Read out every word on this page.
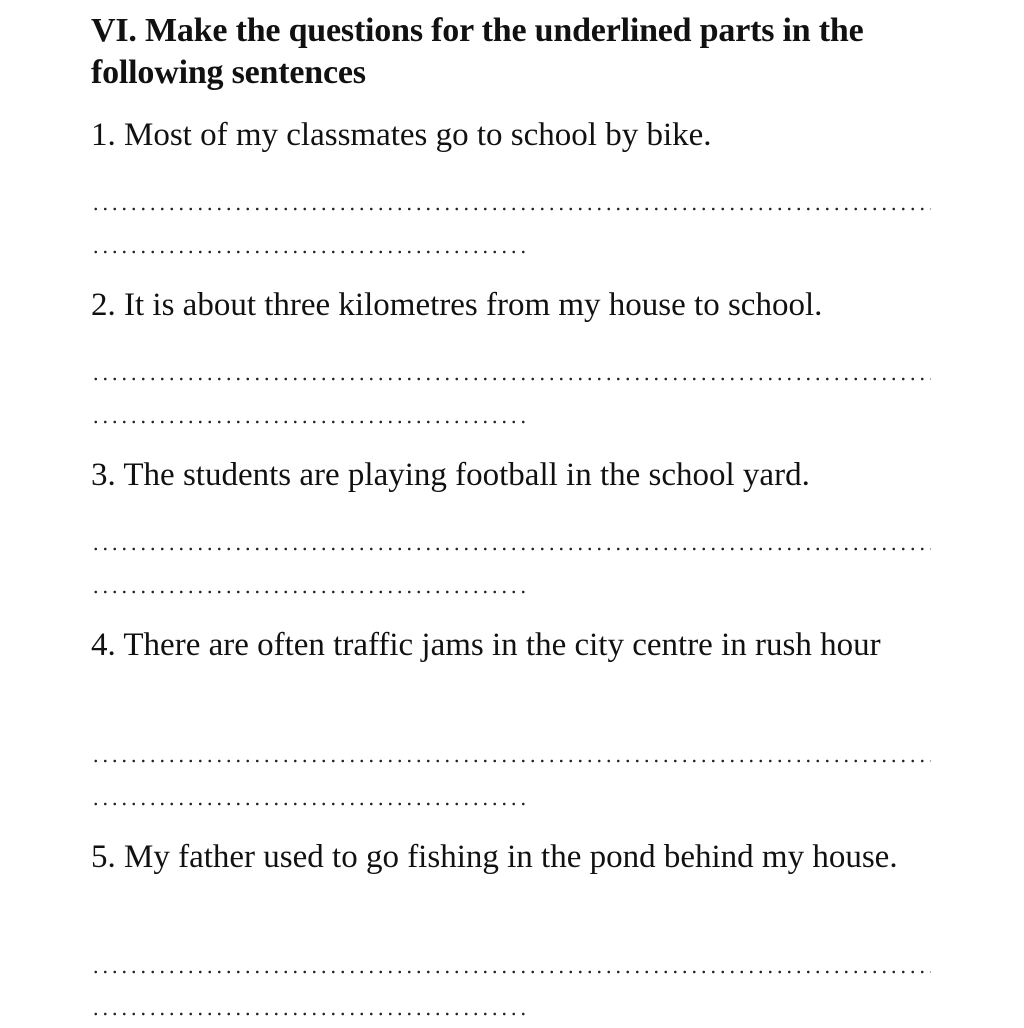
VI. Make the questions for the underlined parts in the following sentences
1. Most of my classmates go to school by bike.
2. It is about three kilometres from my house to school.
3. The students are playing football in the school yard.
4. There are often traffic jams in the city centre in rush hour
5. My father used to go fishing in the pond behind my house.
